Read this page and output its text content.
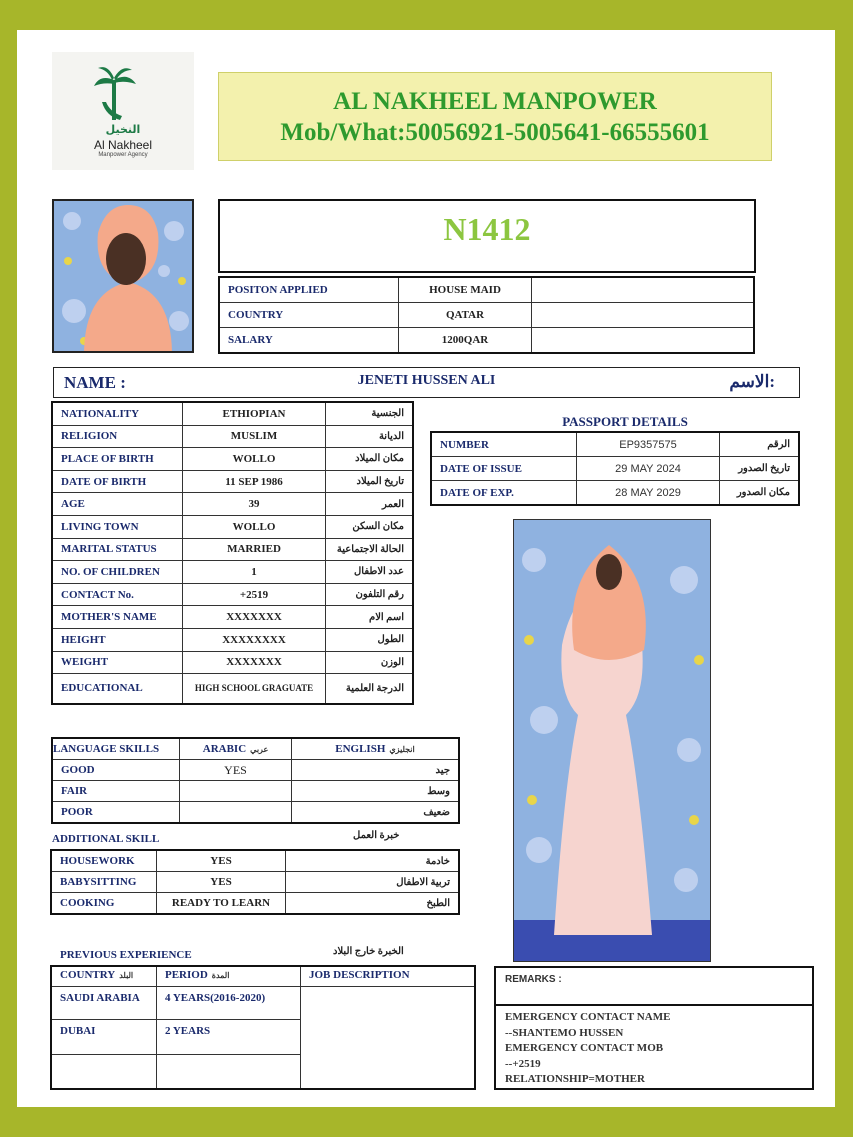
النخيل
Al Nakheel
Manpower Agency
AL NAKHEEL MANPOWER
Mob/What:50056921-5005641-66555601
N1412
POSITON APPLIED	HOUSE MAID	
COUNTRY	QATAR	
SALARY	1200QAR	
JENETI HUSSEN ALI
NAME :	الاسم:
NATIONALITY	ETHIOPIAN	الجنسية
RELIGION	MUSLIM	الديانة
PLACE OF BIRTH	WOLLO	مكان الميلاد
DATE OF BIRTH	11 SEP 1986	تاريخ الميلاد
AGE	39	العمر
LIVING TOWN	WOLLO	مكان السكن
MARITAL STATUS	MARRIED	الحالة الاجتماعية
NO. OF CHILDREN	1	عدد الاطفال
CONTACT No.	+2519	رقم التلفون
MOTHER'S NAME	XXXXXXX	اسم الام
HEIGHT	XXXXXXXX	الطول
WEIGHT	XXXXXXX	الوزن
EDUCATIONAL	HIGH SCHOOL GRAGUATE	الدرجة العلمية
PASSPORT DETAILS
NUMBER	EP9357575	الرقم
DATE OF ISSUE	29 MAY 2024	تاريخ الصدور
DATE OF EXP.	28 MAY 2029	مكان الصدور
LANGUAGE SKILLS	ARABIC عربي	ENGLISH انجليزي
GOOD	YES	جيد
FAIR		وسط
POOR		ضعيف
ADDITIONAL SKILL	خبرة العمل
HOUSEWORK	YES	خادمة
BABYSITTING	YES	تربية الاطفال
COOKING	READY TO LEARN	الطبخ
PREVIOUS EXPERIENCE	الخبرة خارج البلاد
COUNTRY البلد	PERIOD المدة	JOB DESCRIPTION
SAUDI ARABIA	4 YEARS(2016-2020)	
DUBAI	2 YEARS	

REMARKS :
EMERGENCY CONTACT NAME
--SHANTEMO HUSSEN
EMERGENCY CONTACT MOB
--+2519
RELATIONSHIP=MOTHER
